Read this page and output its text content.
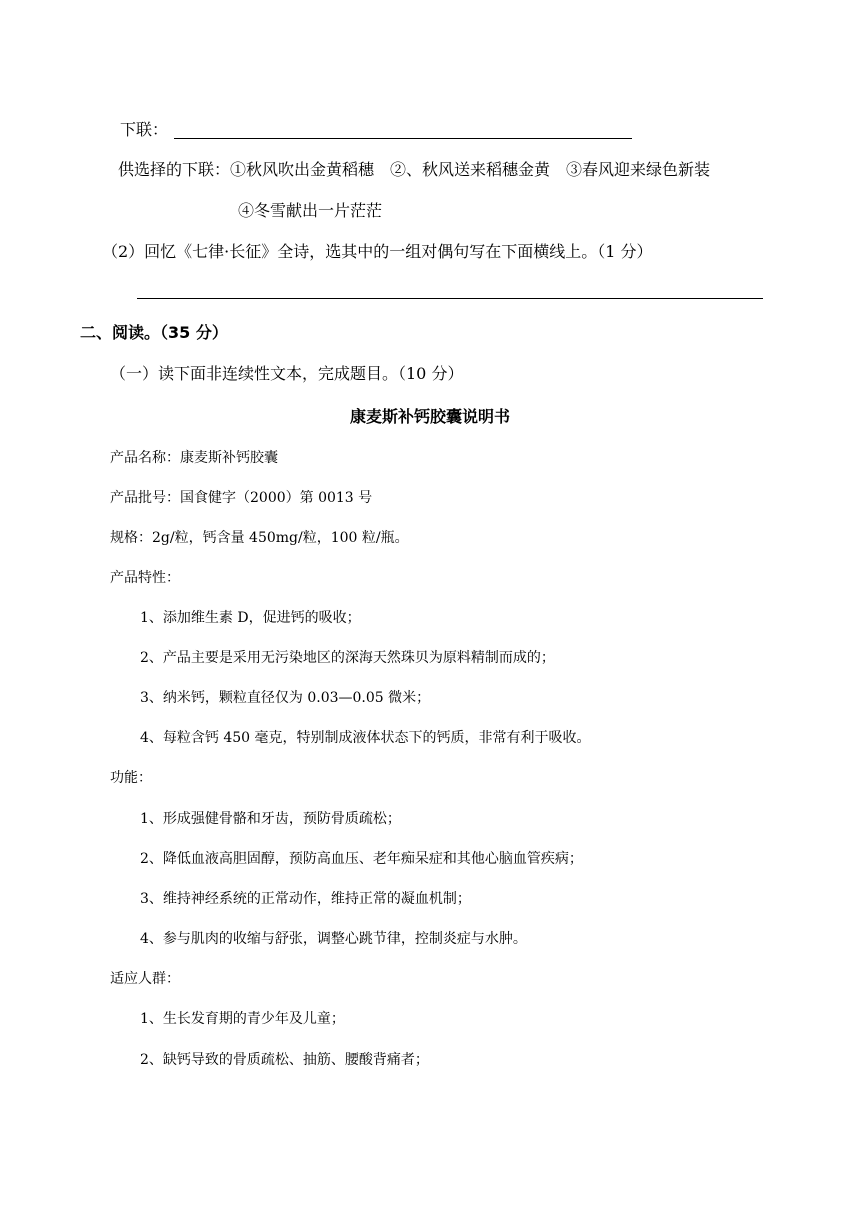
下联：
供选择的下联：①秋风吹出金黄稻穗　②、秋风送来稻穗金黄　③春风迎来绿色新装
④冬雪献出一片茫茫
（2）回忆《七律·长征》全诗，选其中的一组对偶句写在下面横线上。（1 分）
二、阅读。（35 分）
（一）读下面非连续性文本，完成题目。（10 分）
康麦斯补钙胶囊说明书
产品名称：康麦斯补钙胶囊
产品批号：国食健字（2000）第 0013 号
规格：2g/粒，钙含量 450mg/粒，100 粒/瓶。
产品特性：
1、添加维生素 D，促进钙的吸收；
2、产品主要是采用无污染地区的深海天然珠贝为原料精制而成的；
3、纳米钙，颗粒直径仅为 0.03—0.05 微米；
4、每粒含钙 450 毫克，特别制成液体状态下的钙质，非常有利于吸收。
功能：
1、形成强健骨骼和牙齿，预防骨质疏松；
2、降低血液高胆固醇，预防高血压、老年痴呆症和其他心脑血管疾病；
3、维持神经系统的正常动作，维持正常的凝血机制；
4、参与肌肉的收缩与舒张，调整心跳节律，控制炎症与水肿。
适应人群：
1、生长发育期的青少年及儿童；
2、缺钙导致的骨质疏松、抽筋、腰酸背痛者；
